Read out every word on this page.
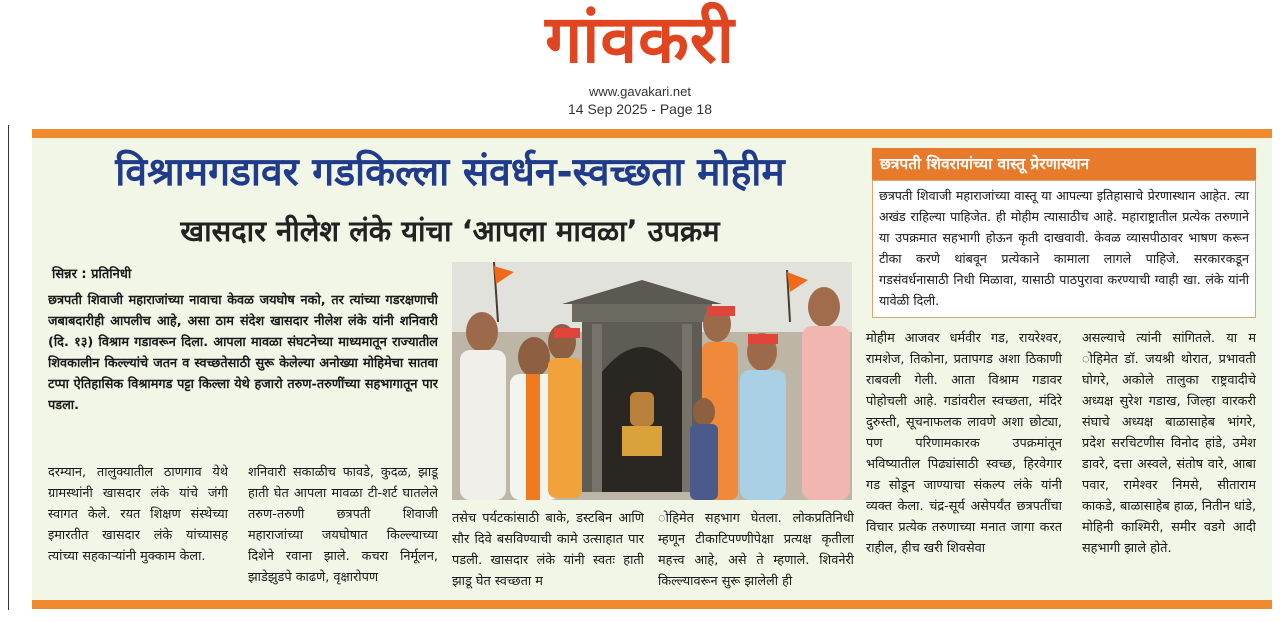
गांवकरी
www.gavakari.net
14 Sep 2025 - Page 18
विश्रामगडावर गडकिल्ला संवर्धन-स्वच्छता मोहीम
खासदार नीलेश लंके यांचा ‘आपला मावळा’ उपक्रम
सिन्नर : प्रतिनिधी
छत्रपती शिवाजी महाराजांच्या नावाचा केवळ जयघोष नको, तर त्यांच्या गडरक्षणाची जबाबदारीही आपलीच आहे, असा ठाम संदेश खासदार नीलेश लंके यांनी शनिवारी (दि. १३) विश्राम गडावरून दिला. आपला मावळा संघटनेच्या माध्यमातून राज्यातील शिवकालीन किल्ल्यांचे जतन व स्वच्छतेसाठी सुरू केलेल्या अनोख्या मोहिमेचा सातवा टप्पा ऐतिहासिक विश्रामगड पट्टा किल्ला येथे हजारो तरुण-तरुणींच्या सहभागातून पार पडला.
दरम्यान, तालुक्यातील ठाणगाव येथे ग्रामस्थांनी खासदार लंके यांचे जंगी स्वागत केले. रयत शिक्षण संस्थेच्या इमारतीत खासदार लंके यांच्यासह त्यांच्या सहकाऱ्यांनी मुक्काम केला.
शनिवारी सकाळीच फावडे, कुदळ, झाडू हाती घेत आपला मावळा टी-शर्ट घातलेले तरुण-तरुणी छत्रपती शिवाजी महाराजांच्या जयघोषात किल्ल्याच्या दिशेने रवाना झाले. कचरा निर्मूलन, झाडेझुडपे काढणे, वृक्षारोपण
तसेच पर्यटकांसाठी बाके, डस्टबिन आणि सौर दिवे बसविण्याची कामे उत्साहात पार पडली. खासदार लंके यांनी स्वतः हाती झाडू घेत स्वच्छता म
ोहिमेत सहभाग घेतला. लोकप्रतिनिधी म्हणून टीकाटिपण्णीपेक्षा प्रत्यक्ष कृतीला महत्त्व आहे, असे ते म्हणाले. शिवनेरी किल्ल्यावरून सुरू झालेली ही
छत्रपती शिवरायांच्या वास्तू प्रेरणास्थान
छत्रपती शिवाजी महाराजांच्या वास्तू या आपल्या इतिहासाचे प्रेरणास्थान आहेत. त्या अखंड राहिल्या पाहिजेत. ही मोहीम त्यासाठीच आहे. महाराष्ट्रातील प्रत्येक तरुणाने या उपक्रमात सहभागी होऊन कृती दाखवावी. केवळ व्यासपीठावर भाषण करून टीका करणे थांबवून प्रत्येकाने कामाला लागले पाहिजे. सरकारकडून गडसंवर्धनासाठी निधी मिळावा, यासाठी पाठपुरावा करण्याची ग्वाही खा. लंके यांनी यावेळी दिली.
मोहीम आजवर धर्मवीर गड, रायरेश्वर, रामशेज, तिकोना, प्रतापगड अशा ठिकाणी राबवली गेली. आता विश्राम गडावर पोहोचली आहे. गडांवरील स्वच्छता, मंदिरे दुरुस्ती, सूचनाफलक लावणे अशा छोट्या, पण परिणामकारक उपक्रमांतून भविष्यातील पिढ्यांसाठी स्वच्छ, हिरवेगार गड सोडून जाण्याचा संकल्प लंके यांनी व्यक्त केला. चंद्र-सूर्य असेपर्यंत छत्रपतींचा विचार प्रत्येक तरुणाच्या मनात जागा करत राहील, हीच खरी शिवसेवा
असल्याचे त्यांनी सांगितले. या म ोहिमेत डॉ. जयश्री थोरात, प्रभावती घोगरे, अकोले तालुका राष्ट्रवादीचे अध्यक्ष सुरेश गडाख, जिल्हा वारकरी संघाचे अध्यक्ष बाळासाहेब भांगरे, प्रदेश सरचिटणीस विनोद हांडे, उमेश डावरे, दत्ता अस्वले, संतोष वारे, आबा पवार, रामेश्वर निमसे, सीताराम काकडे, बाळासाहेब हाळ, नितीन धांडे, मोहिनी काश्मिरी, समीर वडगे आदी सहभागी झाले होते.
